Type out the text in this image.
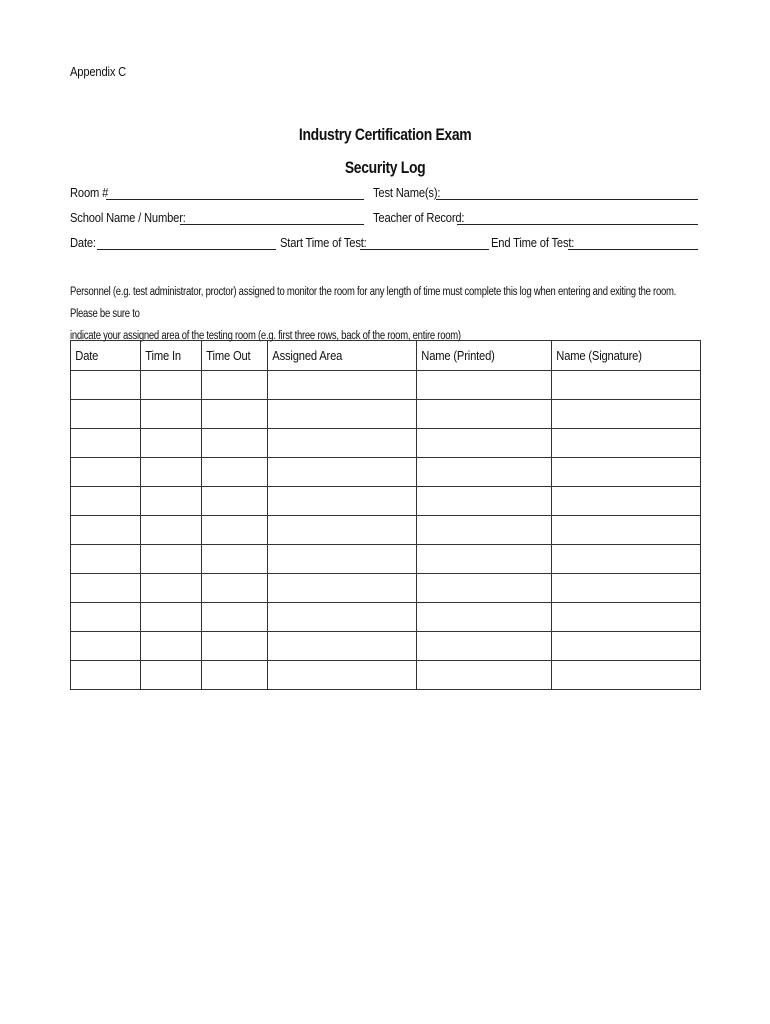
Appendix C
Industry Certification Exam
Security Log
Room #	Test Name(s):
School Name / Number:	Teacher of Record:
Date:	Start Time of Test:	End Time of Test:
Personnel (e.g. test administrator, proctor) assigned to monitor the room for any length of time must complete this log when entering and exiting the room. Please be sure to
indicate your assigned area of the testing room (e.g. first three rows, back of the room, entire room)
Date	Time In	Time Out	Assigned Area	Name (Printed)	Name (Signature)
